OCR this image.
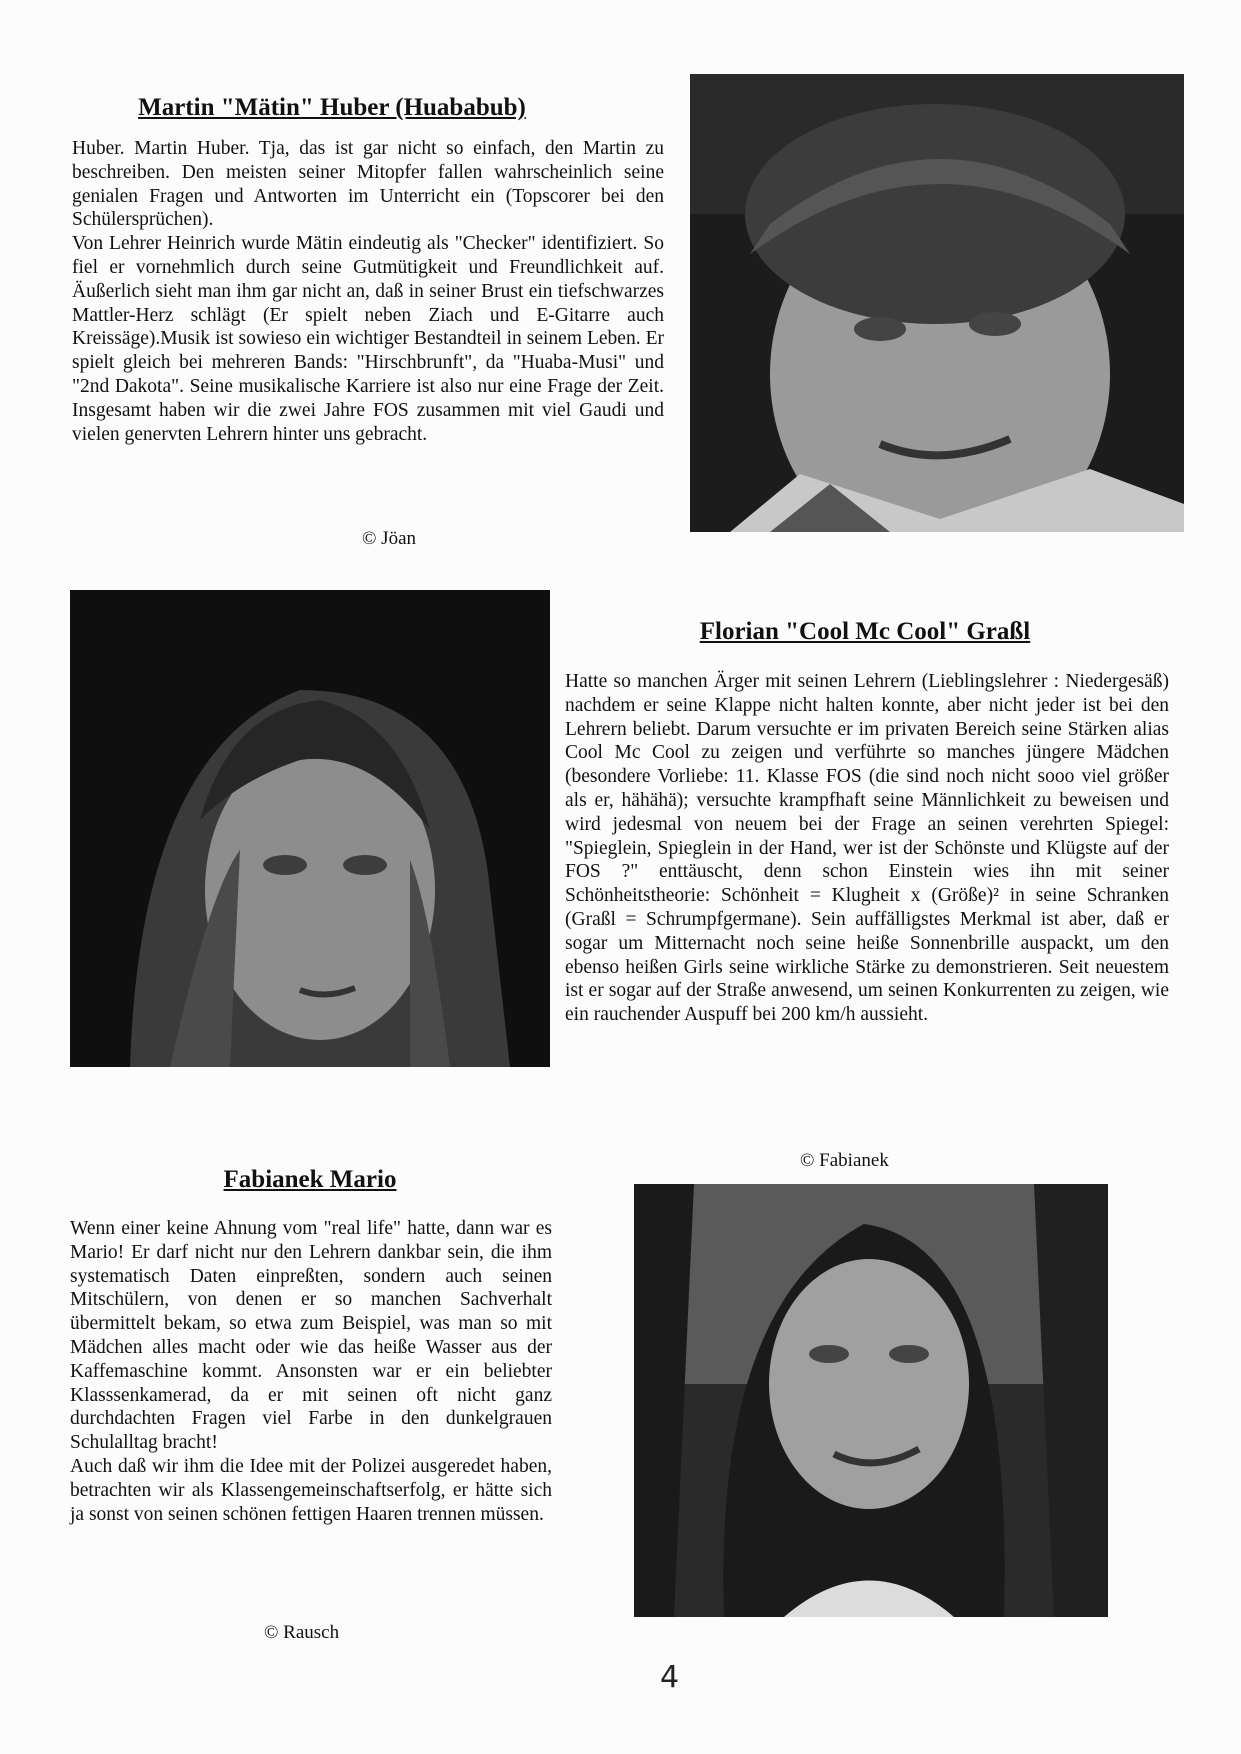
Martin "Mätin" Huber (Huababub)

Huber. Martin Huber. Tja, das ist gar nicht so einfach, den Martin zu beschreiben. Den meisten seiner Mitopfer fallen wahrscheinlich seine genialen Fragen und Antworten im Unterricht ein (Topscorer bei den Schülersprüchen).

Von Lehrer Heinrich wurde Mätin eindeutig als "Checker" identifiziert. So fiel er vornehmlich durch seine Gutmütigkeit und Freundlichkeit auf. Äußerlich sieht man ihm gar nicht an, daß in seiner Brust ein tiefschwarzes Mattler-Herz schlägt (Er spielt neben Ziach und E-Gitarre auch Kreissäge).Musik ist sowieso ein wichtiger Bestandteil in seinem Leben. Er spielt gleich bei mehreren Bands: "Hirschbrunft", da "Huaba-Musi" und "2nd Dakota". Seine musikalische Karriere ist also nur eine Frage der Zeit. Insgesamt haben wir die zwei Jahre FOS zusammen mit viel Gaudi und vielen genervten Lehrern hinter uns gebracht.

© Jöan
Florian "Cool Mc Cool" Graßl

Hatte so manchen Ärger mit seinen Lehrern (Lieblingslehrer : Niedergesäß) nachdem er seine Klappe nicht halten konnte, aber nicht jeder ist bei den Lehrern beliebt. Darum versuchte er im privaten Bereich seine Stärken alias Cool Mc Cool zu zeigen und verführte so manches jüngere Mädchen (besondere Vorliebe: 11. Klasse FOS (die sind noch nicht sooo viel größer als er, hähähä); versuchte krampfhaft seine Männlichkeit zu beweisen und wird jedesmal von neuem bei der Frage an seinen verehrten Spiegel: "Spieglein, Spieglein in der Hand, wer ist der Schönste und Klügste auf der FOS ?" enttäuscht, denn schon Einstein wies ihn mit seiner Schönheitstheorie: Schönheit = Klugheit x (Größe)² in seine Schranken (Graßl = Schrumpfgermane). Sein auffälligstes Merkmal ist aber, daß er sogar um Mitternacht noch seine heiße Sonnenbrille auspackt, um den ebenso heißen Girls seine wirkliche Stärke zu demonstrieren. Seit neuestem ist er sogar auf der Straße anwesend, um seinen Konkurrenten zu zeigen, wie ein rauchender Auspuff bei 200 km/h aussieht.

© Fabianek
Fabianek Mario

Wenn einer keine Ahnung vom "real life" hatte, dann war es Mario! Er darf nicht nur den Lehrern dankbar sein, die ihm systematisch Daten einpreßten, sondern auch seinen Mitschülern, von denen er so manchen Sachverhalt übermittelt bekam, so etwa zum Beispiel, was man so mit Mädchen alles macht oder wie das heiße Wasser aus der Kaffemaschine kommt. Ansonsten war er ein beliebter Klasssenkamerad, da er mit seinen oft nicht ganz durchdachten Fragen viel Farbe in den dunkelgrauen Schulalltag bracht!

Auch daß wir ihm die Idee mit der Polizei ausgeredet haben, betrachten wir als Klassengemeinschaftserfolg, er hätte sich ja sonst von seinen schönen fettigen Haaren trennen müssen.

© Rausch
4
